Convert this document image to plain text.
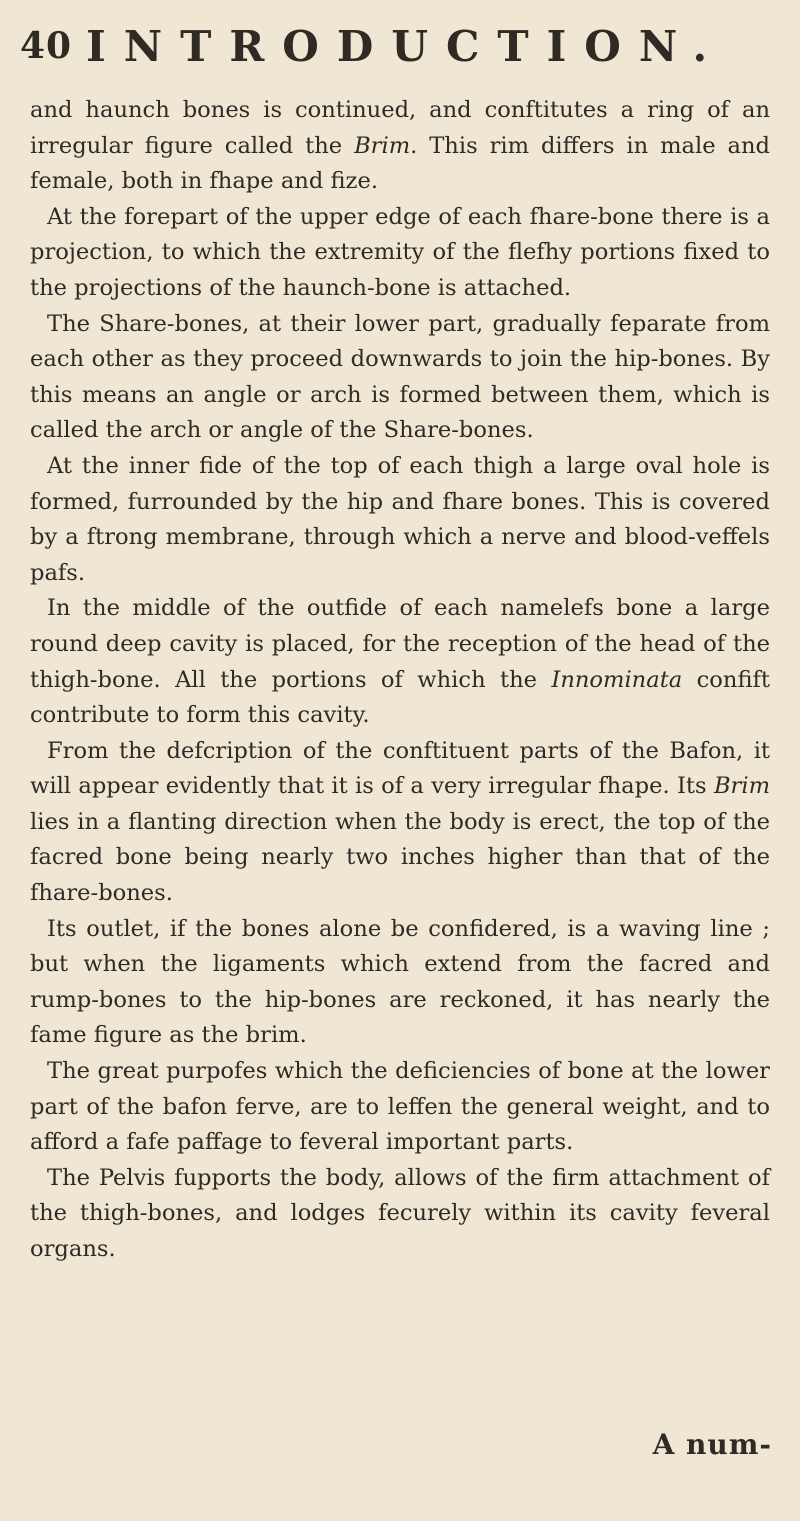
40 INTRODUCTION.

and haunch bones is continued, and conftitutes a ring of an irregular figure called the Brim. This rim differs in male and female, both in fhape and fize.

At the forepart of the upper edge of each fhare-bone there is a projection, to which the extremity of the flefhy portions fixed to the projections of the haunch-bone is attached.

The Share-bones, at their lower part, gradually feparate from each other as they proceed downwards to join the hip-bones. By this means an angle or arch is formed between them, which is called the arch or angle of the Share-bones.

At the inner fide of the top of each thigh a large oval hole is formed, furrounded by the hip and fhare bones. This is covered by a ftrong membrane, through which a nerve and blood-veffels pafs.

In the middle of the outfide of each namelefs bone a large round deep cavity is placed, for the reception of the head of the thigh-bone. All the portions of which the Innominata confift contribute to form this cavity.

From the defcription of the conftituent parts of the Bafon, it will appear evidently that it is of a very irregular fhape. Its Brim lies in a flanting direction when the body is erect, the top of the facred bone being nearly two inches higher than that of the fhare-bones.

Its outlet, if the bones alone be confidered, is a waving line ; but when the ligaments which extend from the facred and rump-bones to the hip-bones are reckoned, it has nearly the fame figure as the brim.

The great purpofes which the deficiencies of bone at the lower part of the bafon ferve, are to leffen the general weight, and to afford a fafe paffage to feveral important parts.

The Pelvis fupports the body, allows of the firm attachment of the thigh-bones, and lodges fecurely within its cavity feveral organs.

A num-
